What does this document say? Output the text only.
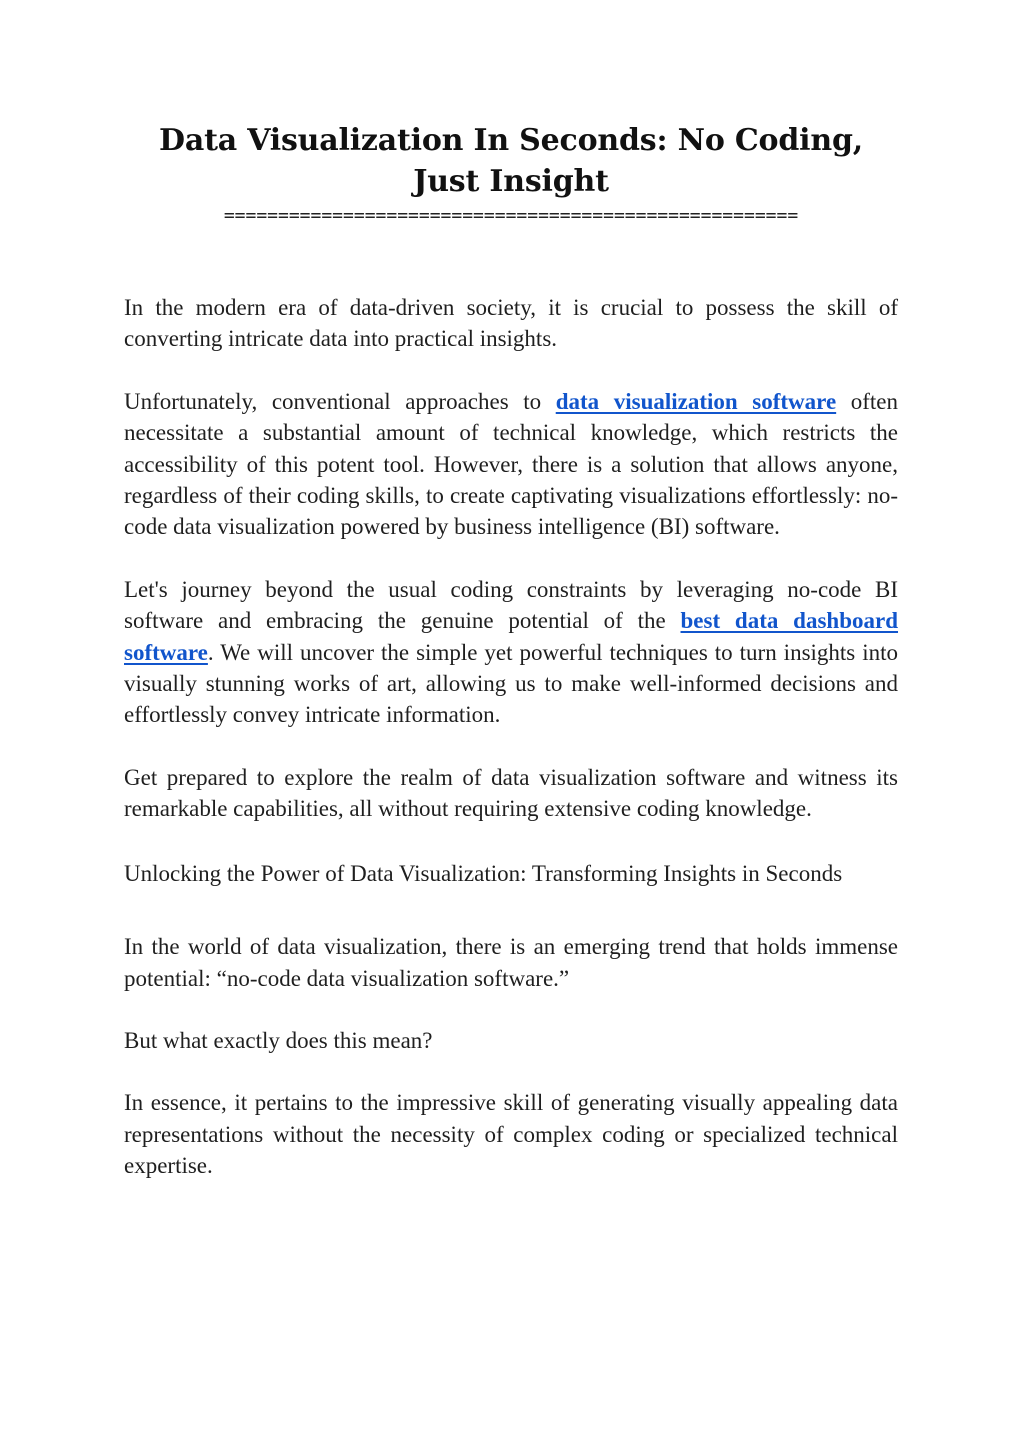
Data Visualization In Seconds: No Coding, Just Insight
=====================================================

In the modern era of data-driven society, it is crucial to possess the skill of converting intricate data into practical insights.

Unfortunately, conventional approaches to data visualization software often necessitate a substantial amount of technical knowledge, which restricts the accessibility of this potent tool. However, there is a solution that allows anyone, regardless of their coding skills, to create captivating visualizations effortlessly: no-code data visualization powered by business intelligence (BI) software.

Let's journey beyond the usual coding constraints by leveraging no-code BI software and embracing the genuine potential of the best data dashboard software. We will uncover the simple yet powerful techniques to turn insights into visually stunning works of art, allowing us to make well-informed decisions and effortlessly convey intricate information.

Get prepared to explore the realm of data visualization software and witness its remarkable capabilities, all without requiring extensive coding knowledge.

Unlocking the Power of Data Visualization: Transforming Insights in Seconds

In the world of data visualization, there is an emerging trend that holds immense potential: “no-code data visualization software.”

But what exactly does this mean?

In essence, it pertains to the impressive skill of generating visually appealing data representations without the necessity of complex coding or specialized technical expertise.
